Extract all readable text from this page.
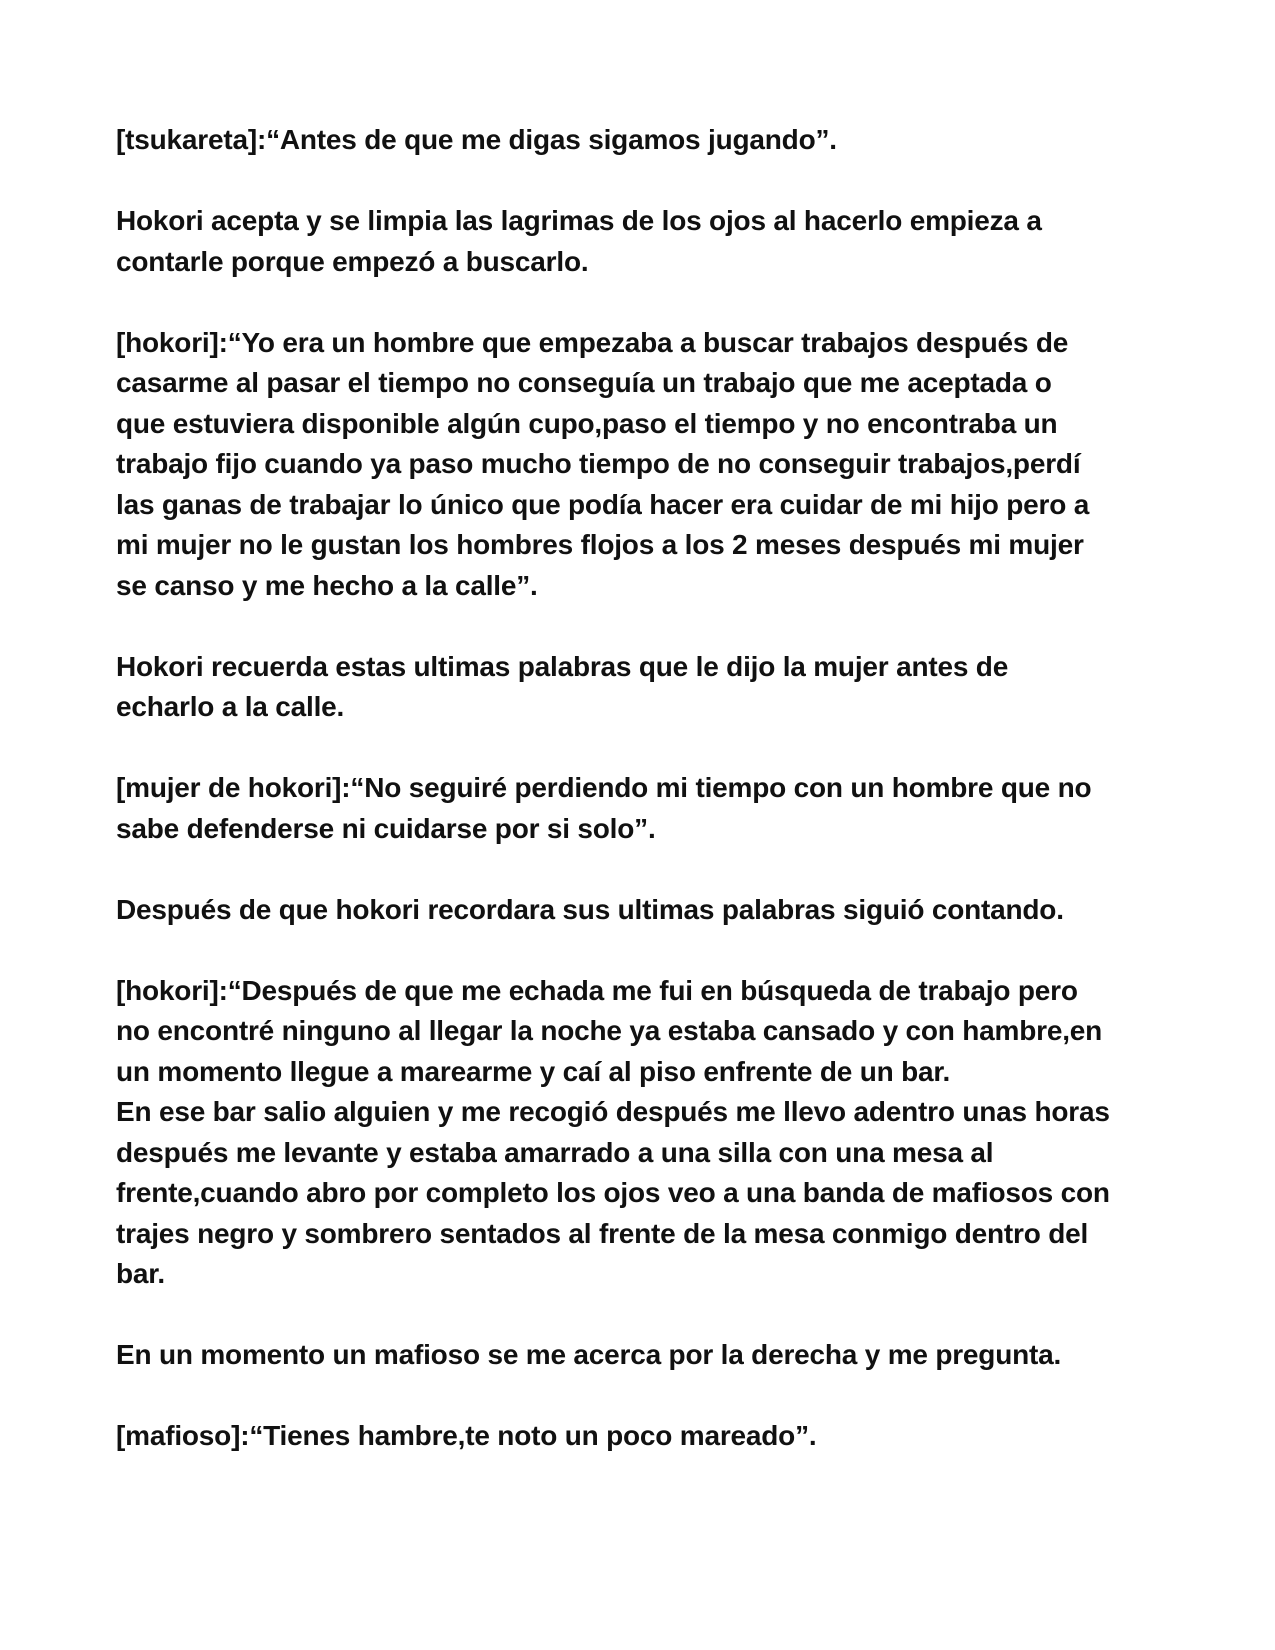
[tsukareta]:“Antes de que me digas sigamos jugando”.

Hokori acepta y se limpia las lagrimas de los ojos al hacerlo empieza a
contarle porque empezó a buscarlo.

[hokori]:“Yo era un hombre que empezaba a buscar trabajos después de
casarme al pasar el tiempo no conseguía un trabajo que me aceptada o
que estuviera disponible algún cupo,paso el tiempo y no encontraba un
trabajo fijo cuando ya paso mucho tiempo de no conseguir trabajos,perdí
las ganas de trabajar lo único que podía hacer era cuidar de mi hijo pero a
mi mujer no le gustan los hombres flojos a los 2 meses después mi mujer
se canso y me hecho a la calle”.

Hokori recuerda estas ultimas palabras que le dijo la mujer antes de
echarlo a la calle.

[mujer de hokori]:“No seguiré perdiendo mi tiempo con un hombre que no
sabe defenderse ni cuidarse por si solo”.

Después de que hokori recordara sus ultimas palabras siguió contando.

[hokori]:“Después de que me echada me fui en búsqueda de trabajo pero
no encontré ninguno al llegar la noche ya estaba cansado y con hambre,en
un momento llegue a marearme y caí al piso enfrente de un bar.
En ese bar salio alguien y me recogió después me llevo adentro unas horas
después me levante y estaba amarrado a una silla con una mesa al
frente,cuando abro por completo los ojos veo a una banda de mafiosos con
trajes negro y sombrero sentados al frente de la mesa conmigo dentro del
bar.

En un momento un mafioso se me acerca por la derecha y me pregunta.

[mafioso]:“Tienes hambre,te noto un poco mareado”.
